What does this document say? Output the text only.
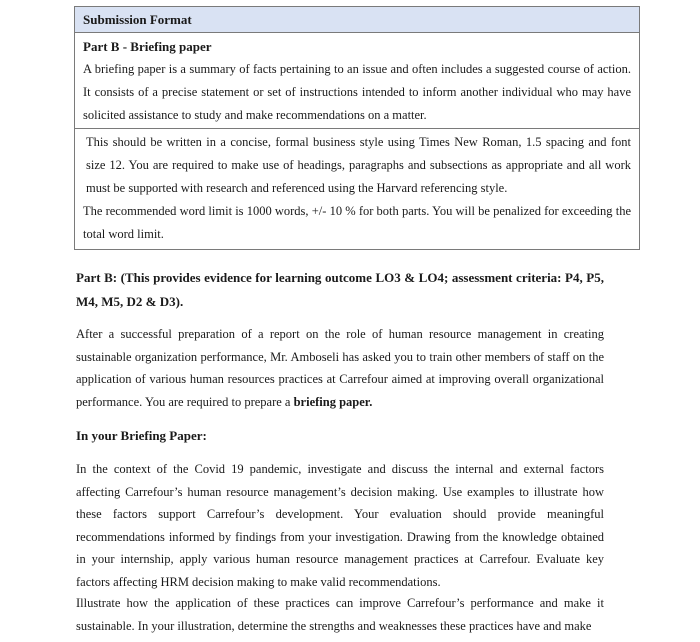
Submission Format
Part B - Briefing paper
A briefing paper is a summary of facts pertaining to an issue and often includes a suggested course of action. It consists of a precise statement or set of instructions intended to inform another individual who may have solicited assistance to study and make recommendations on a matter.
This should be written in a concise, formal business style using Times New Roman, 1.5 spacing and font size 12. You are required to make use of headings, paragraphs and subsections as appropriate and all work must be supported with research and referenced using the Harvard referencing style.
The recommended word limit is 1000 words, +/- 10 % for both parts. You will be penalized for exceeding the total word limit.
Part B: (This provides evidence for learning outcome LO3 & LO4; assessment criteria: P4, P5, M4, M5, D2 & D3).
After a successful preparation of a report on the role of human resource management in creating sustainable organization performance, Mr. Amboseli has asked you to train other members of staff on the application of various human resources practices at Carrefour aimed at improving overall organizational performance. You are required to prepare a briefing paper.
In your Briefing Paper:
In the context of the Covid 19 pandemic, investigate and discuss the internal and external factors affecting Carrefour’s human resource management’s decision making. Use examples to illustrate how these factors support Carrefour’s development. Your evaluation should provide meaningful recommendations informed by findings from your investigation. Drawing from the knowledge obtained in your internship, apply various human resource management practices at Carrefour. Evaluate key factors affecting HRM decision making to make valid recommendations.
Illustrate how the application of these practices can improve Carrefour’s performance and make it sustainable. In your illustration, determine the strengths and weaknesses these practices have and make
